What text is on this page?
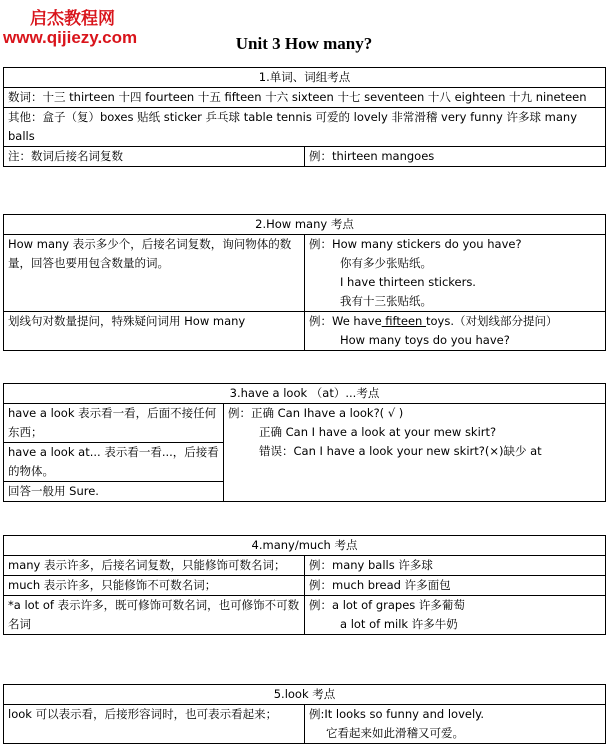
启杰教程网
www.qijiezy.com	Unit 3 How many?
1.单词、词组考点
数词：十三 thirteen 十四 fourteen 十五 fifteen 十六 sixteen 十七 seventeen 十八 eighteen 十九 nineteen
其他：盒子（复）boxes 贴纸 sticker 乒乓球 table tennis 可爱的 lovely 非常滑稽 very funny 许多球 many balls
注：数词后接名词复数	例：thirteen mangoes
2.How many 考点	
How many 表示多少个，后接名词复数，询问物体的数量，回答也要用包含数量的词。	例：How many stickers do you have?
你有多少张贴纸。
I have thirteen stickers.
我有十三张贴纸。

划线句对数量提问，特殊疑问词用 How many	例：We have fifteen toys.（对划线部分提问）
How many toys do you have?
3.have a look （at）...考点

have a look 表示看一看，后面不接任何东西；
have a look at... 表示看一看...，后接看的物体。
回答一般用 Sure.

例：正确 Can Ihave a look?( √ )
正确 Can I have a look at your mew skirt?
错误：Can I have a look your new skirt?(×)缺少 at
4.many/much 考点	
many 表示许多，后接名词复数，只能修饰可数名词；	例：many balls 许多球
much 表示许多，只能修饰不可数名词；	例：much bread 许多面包
*a lot of 表示许多，既可修饰可数名词，也可修饰不可数名词	例：a lot of grapes 许多葡萄
a lot of milk 许多牛奶
5.look 考点
look 可以表示看，后接形容词时，也可表示看起来；	例:It looks so funny and lovely.
它看起来如此滑稽又可爱。
